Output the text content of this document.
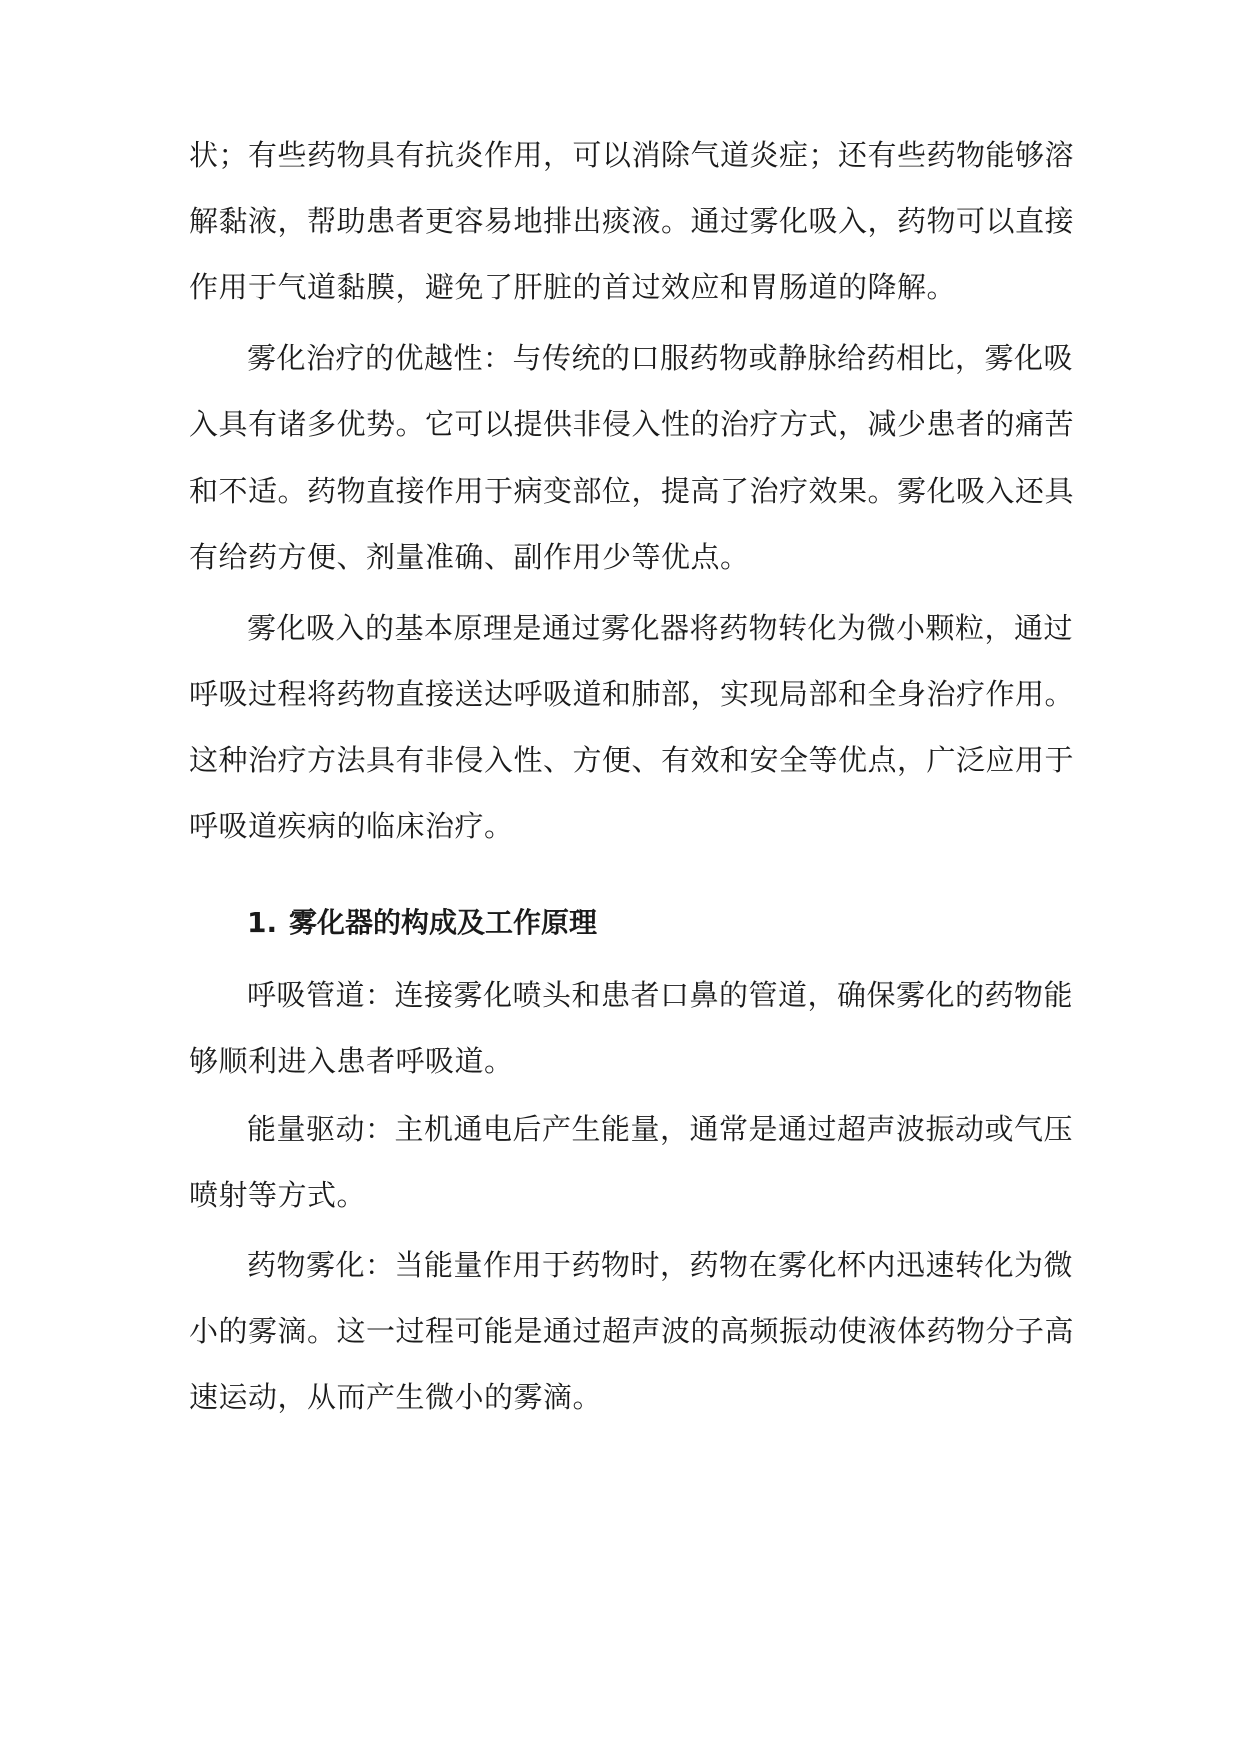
状；有些药物具有抗炎作用，可以消除气道炎症；还有些药物能够溶
解黏液，帮助患者更容易地排出痰液。通过雾化吸入，药物可以直接
作用于气道黏膜，避免了肝脏的首过效应和胃肠道的降解。
雾化治疗的优越性：与传统的口服药物或静脉给药相比，雾化吸
入具有诸多优势。它可以提供非侵入性的治疗方式，减少患者的痛苦
和不适。药物直接作用于病变部位，提高了治疗效果。雾化吸入还具
有给药方便、剂量准确、副作用少等优点。
雾化吸入的基本原理是通过雾化器将药物转化为微小颗粒，通过
呼吸过程将药物直接送达呼吸道和肺部，实现局部和全身治疗作用。
这种治疗方法具有非侵入性、方便、有效和安全等优点，广泛应用于
呼吸道疾病的临床治疗。
1. 雾化器的构成及工作原理
呼吸管道：连接雾化喷头和患者口鼻的管道，确保雾化的药物能
够顺利进入患者呼吸道。
能量驱动：主机通电后产生能量，通常是通过超声波振动或气压
喷射等方式。
药物雾化：当能量作用于药物时，药物在雾化杯内迅速转化为微
小的雾滴。这一过程可能是通过超声波的高频振动使液体药物分子高
速运动，从而产生微小的雾滴。
